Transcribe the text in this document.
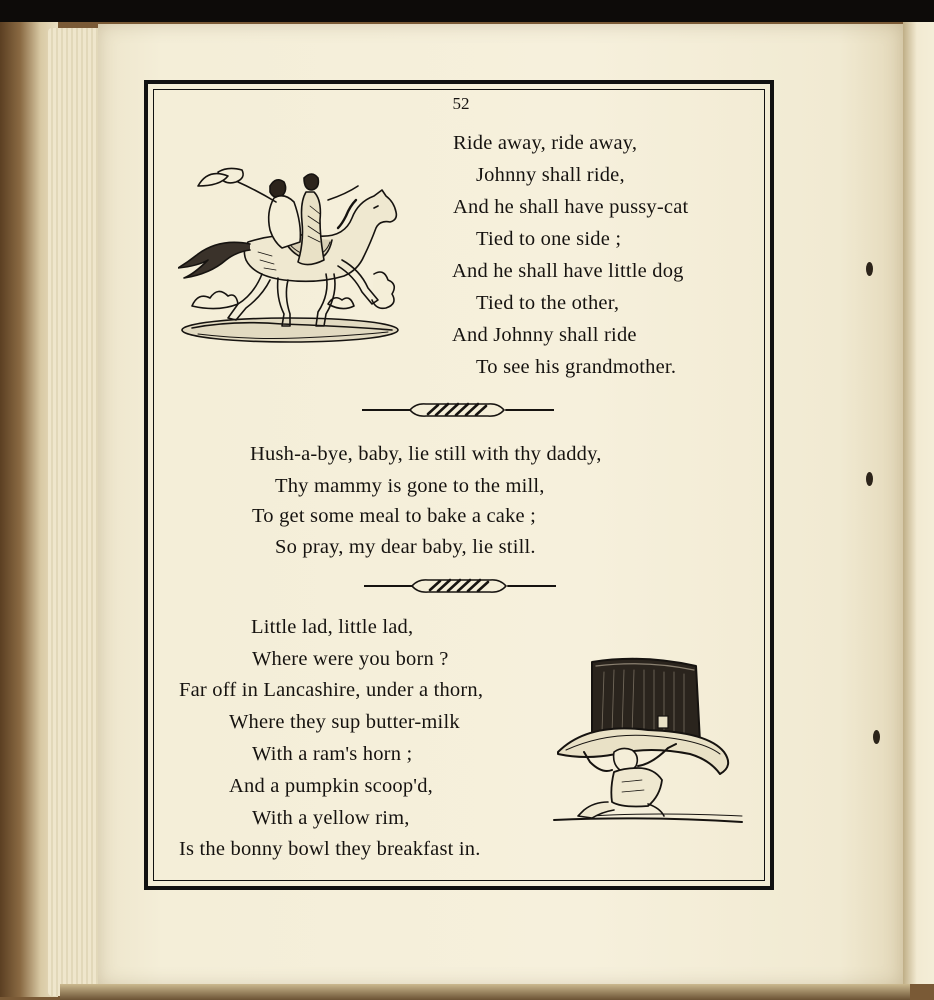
52
Ride away, ride away,
Johnny shall ride,
And he shall have pussy-cat
Tied to one side ;
And he shall have little dog
Tied to the other,
And Johnny shall ride
To see his grandmother.
Hush-a-bye, baby, lie still with thy daddy,
Thy mammy is gone to the mill,
To get some meal to bake a cake ;
So pray, my dear baby, lie still.
Little lad, little lad,
Where were you born ?
Far off in Lancashire, under a thorn,
Where they sup butter-milk
With a ram's horn ;
And a pumpkin scoop'd,
With a yellow rim,
Is the bonny bowl they breakfast in.
